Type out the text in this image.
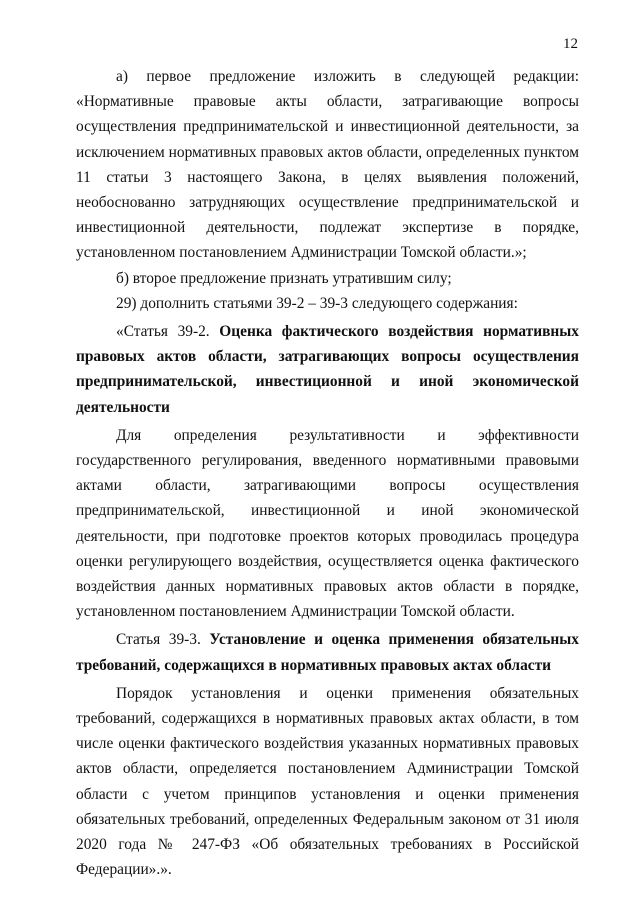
12

а) первое предложение изложить в следующей редакции: «Нормативные правовые акты области, затрагивающие вопросы осуществления предпринимательской и инвестиционной деятельности, за исключением нормативных правовых актов области, определенных пунктом 11 статьи 3 настоящего Закона, в целях выявления положений, необоснованно затрудняющих осуществление предпринимательской и инвестиционной деятельности, подлежат экспертизе в порядке, установленном постановлением Администрации Томской области.»;

б) второе предложение признать утратившим силу;

29) дополнить статьями 39-2 – 39-3 следующего содержания:

«Статья 39-2. Оценка фактического воздействия нормативных правовых актов области, затрагивающих вопросы осуществления предпринимательской, инвестиционной и иной экономической деятельности

Для определения результативности и эффективности государственного регулирования, введенного нормативными правовыми актами области, затрагивающими вопросы осуществления предпринимательской, инвестиционной и иной экономической деятельности, при подготовке проектов которых проводилась процедура оценки регулирующего воздействия, осуществляется оценка фактического воздействия данных нормативных правовых актов области в порядке, установленном постановлением Администрации Томской области.

Статья 39-3. Установление и оценка применения обязательных требований, содержащихся в нормативных правовых актах области

Порядок установления и оценки применения обязательных требований, содержащихся в нормативных правовых актах области, в том числе оценки фактического воздействия указанных нормативных правовых актов области, определяется постановлением Администрации Томской области с учетом принципов установления и оценки применения обязательных требований, определенных Федеральным законом от 31 июля 2020 года № 247-ФЗ «Об обязательных требованиях в Российской Федерации».».
